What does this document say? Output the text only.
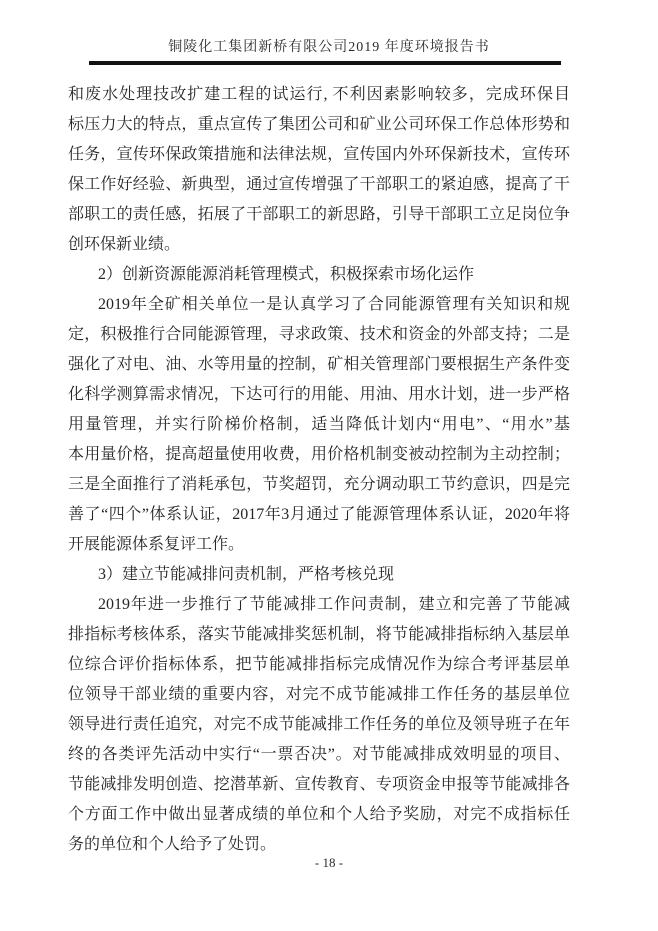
铜陵化工集团新桥有限公司2019 年度环境报告书
和废水处理技改扩建工程的试运行, 不利因素影响较多，完成环保目
标压力大的特点，重点宣传了集团公司和矿业公司环保工作总体形势和
任务，宣传环保政策措施和法律法规，宣传国内外环保新技术，宣传环
保工作好经验、新典型，通过宣传增强了干部职工的紧迫感，提高了干
部职工的责任感，拓展了干部职工的新思路，引导干部职工立足岗位争
创环保新业绩。
2）创新资源能源消耗管理模式，积极探索市场化运作
2019年全矿相关单位一是认真学习了合同能源管理有关知识和规
定，积极推行合同能源管理，寻求政策、技术和资金的外部支持；二是
强化了对电、油、水等用量的控制，矿相关管理部门要根据生产条件变
化科学测算需求情况，下达可行的用能、用油、用水计划，进一步严格
用量管理，并实行阶梯价格制，适当降低计划内“用电”、“用水”基
本用量价格，提高超量使用收费，用价格机制变被动控制为主动控制；
三是全面推行了消耗承包，节奖超罚，充分调动职工节约意识，四是完
善了“四个”体系认证，2017年3月通过了能源管理体系认证，2020年将
开展能源体系复评工作。
3）建立节能减排问责机制，严格考核兑现
2019年进一步推行了节能减排工作问责制，建立和完善了节能减
排指标考核体系，落实节能减排奖惩机制，将节能减排指标纳入基层单
位综合评价指标体系，把节能减排指标完成情况作为综合考评基层单
位领导干部业绩的重要内容，对完不成节能减排工作任务的基层单位
领导进行责任追究，对完不成节能减排工作任务的单位及领导班子在年
终的各类评先活动中实行“一票否决”。对节能减排成效明显的项目、
节能减排发明创造、挖潜革新、宣传教育、专项资金申报等节能减排各
个方面工作中做出显著成绩的单位和个人给予奖励，对完不成指标任
务的单位和个人给予了处罚。
- 18 -
